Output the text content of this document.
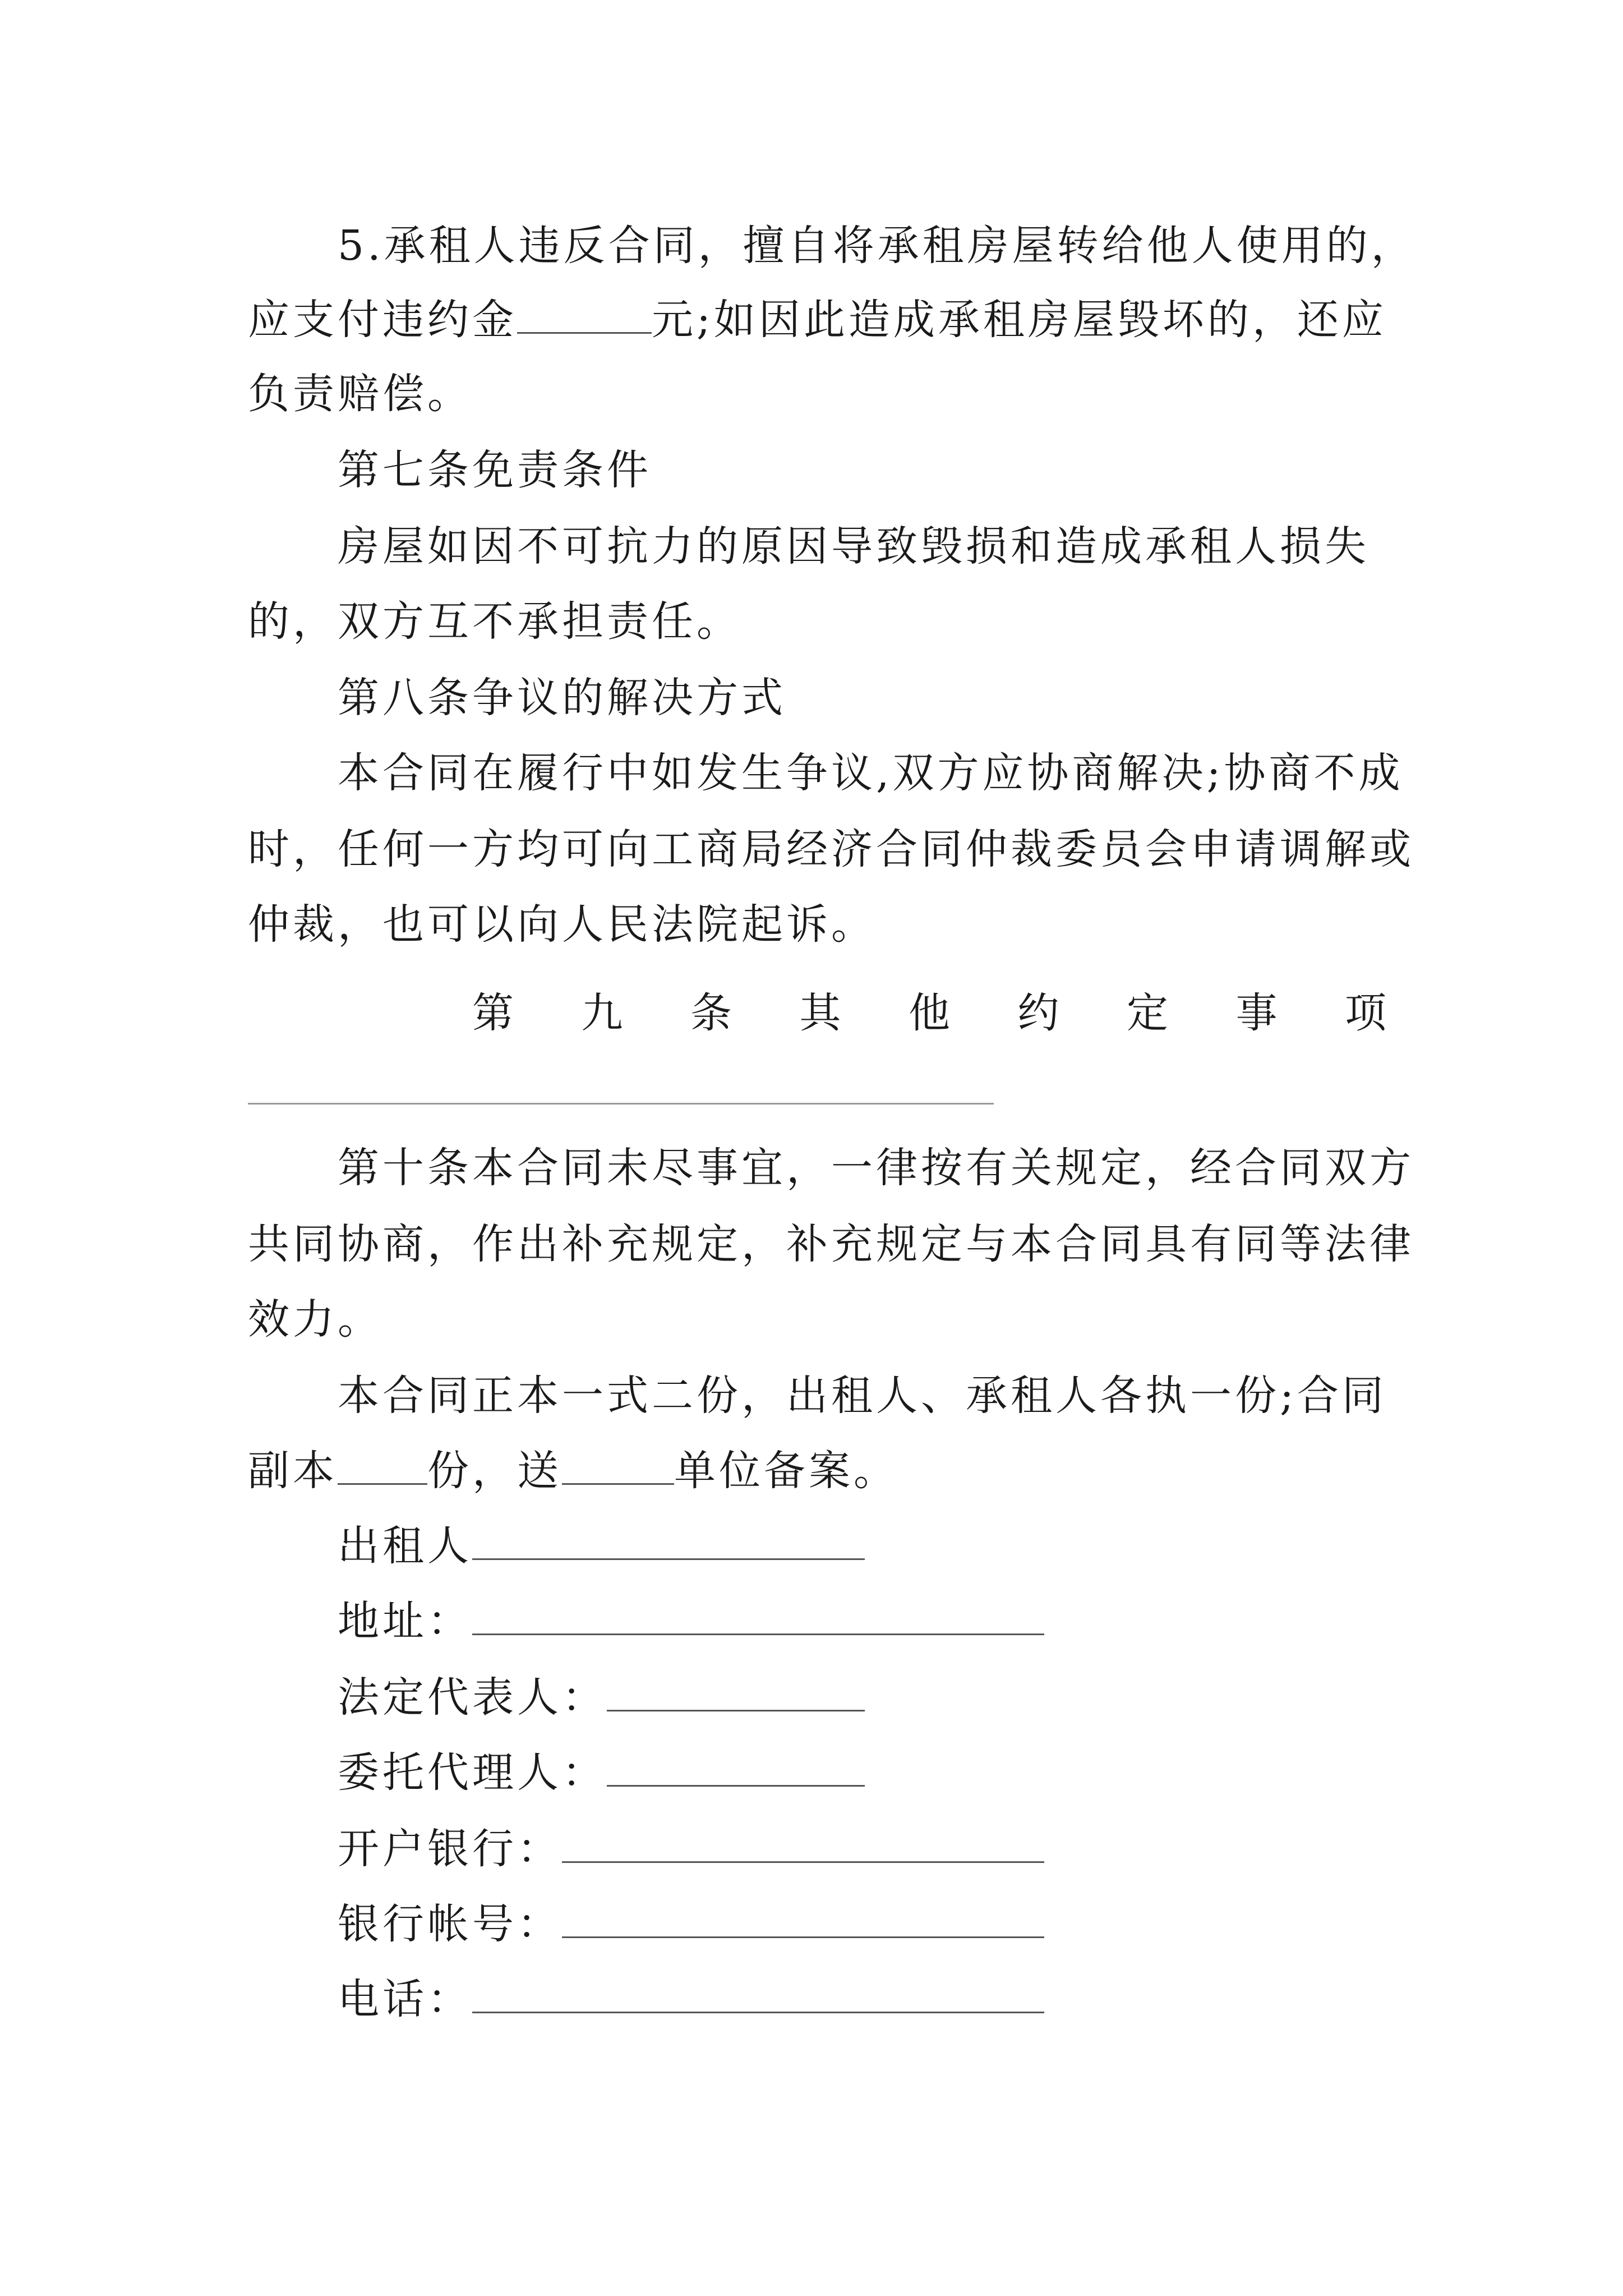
5.承租人违反合同，擅自将承租房屋转给他人使用的，
应支付违约金	元;如因此造成承租房屋毁坏的，还应
负责赔偿。
第七条免责条件
房屋如因不可抗力的原因导致毁损和造成承租人损失
的，双方互不承担责任。
第八条争议的解决方式
本合同在履行中如发生争议,双方应协商解决;协商不成
时，任何一方均可向工商局经济合同仲裁委员会申请调解或
仲裁，也可以向人民法院起诉。
第 九 条 其 他 约 定 事 项
第十条本合同未尽事宜，一律按有关规定，经合同双方
共同协商，作出补充规定，补充规定与本合同具有同等法律
效力。
本合同正本一式二份，出租人、承租人各执一份;合同
副本 份，送	单位备案。
出租人
地址：
法定代表人：
委托代理人：
开户银行：
银行帐号：
电话：
